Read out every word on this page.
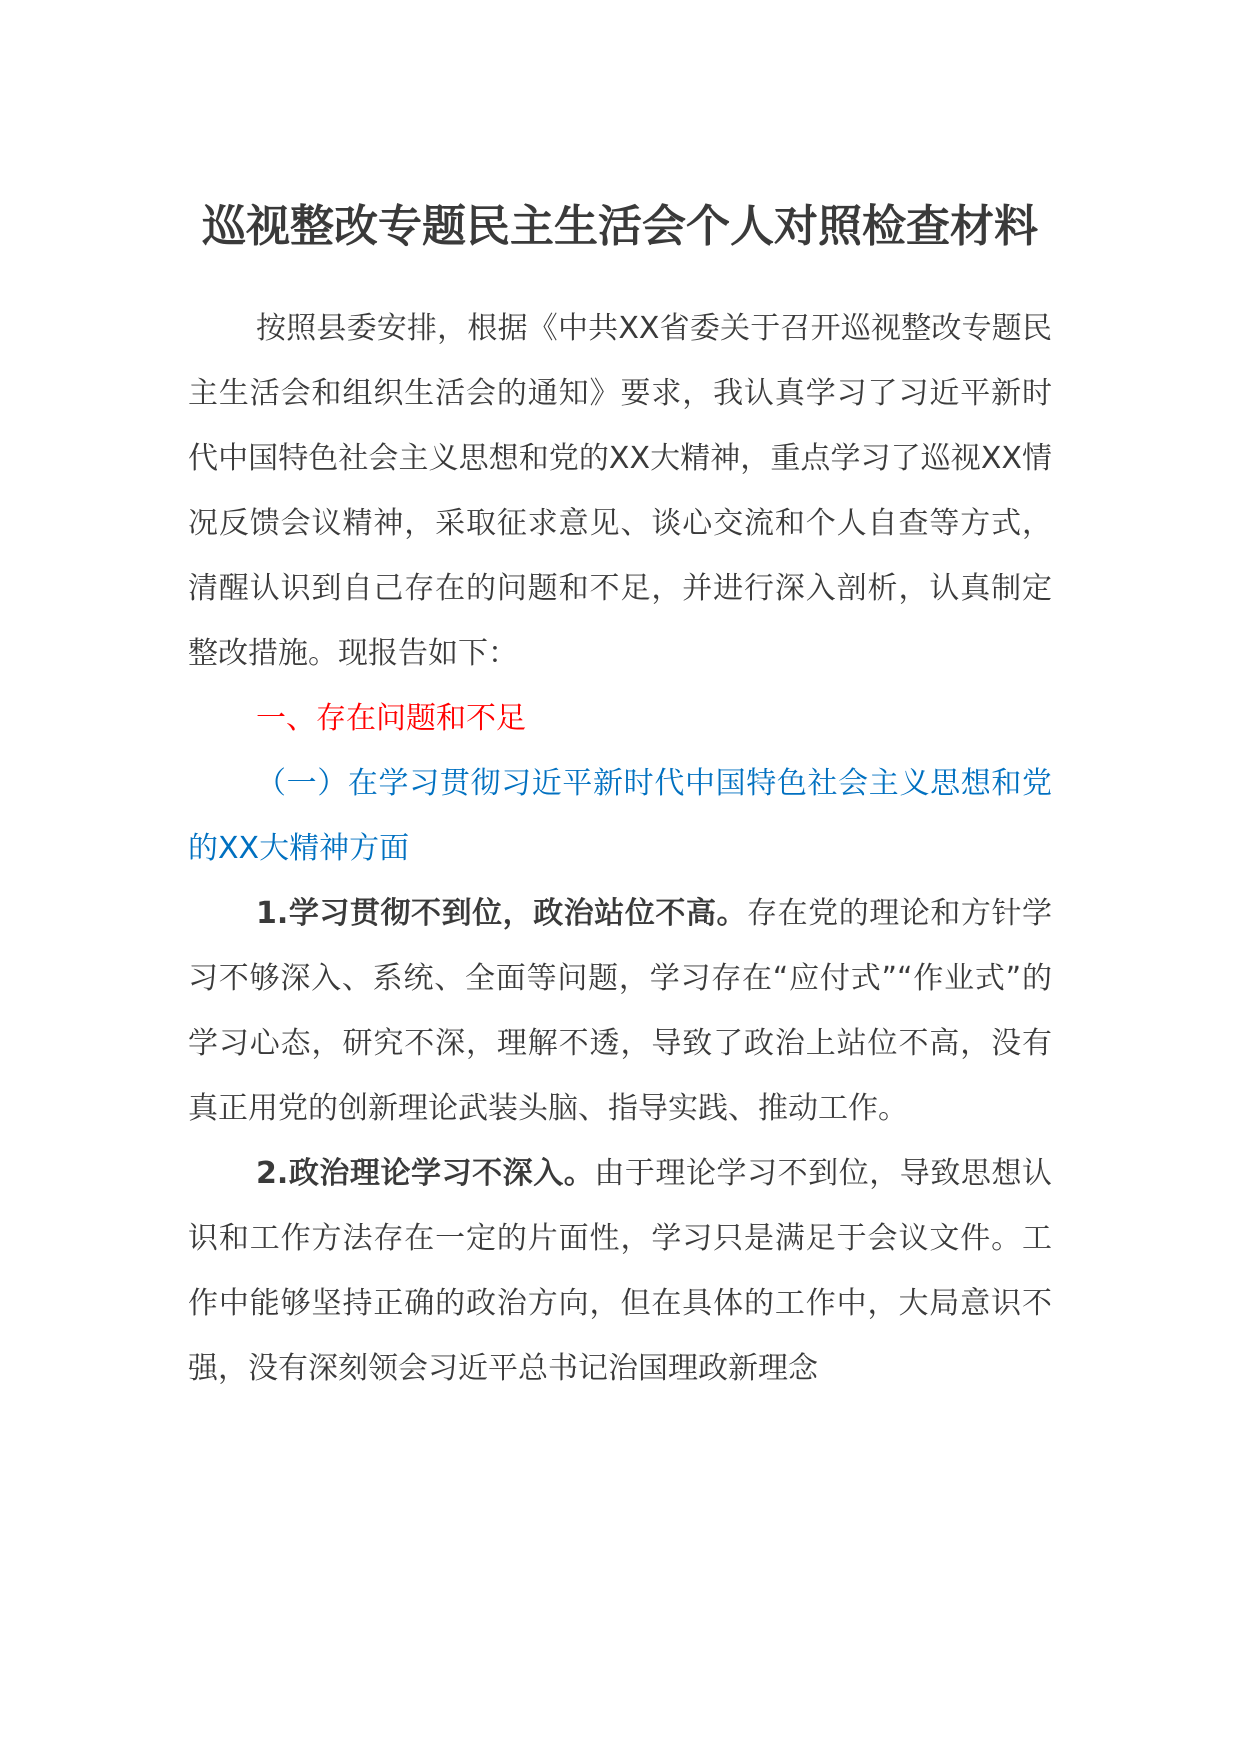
巡视整改专题民主生活会个人对照检查材料

按照县委安排，根据《中共XX省委关于召开巡视整改专题民主生活会和组织生活会的通知》要求，我认真学习了习近平新时代中国特色社会主义思想和党的XX大精神，重点学习了巡视XX情况反馈会议精神，采取征求意见、谈心交流和个人自查等方式，清醒认识到自己存在的问题和不足，并进行深入剖析，认真制定整改措施。现报告如下：

一、存在问题和不足

（一）在学习贯彻习近平新时代中国特色社会主义思想和党的XX大精神方面

1.学习贯彻不到位，政治站位不高。存在党的理论和方针学习不够深入、系统、全面等问题，学习存在“应付式”“作业式”的学习心态，研究不深，理解不透，导致了政治上站位不高，没有真正用党的创新理论武装头脑、指导实践、推动工作。

2.政治理论学习不深入。由于理论学习不到位，导致思想认识和工作方法存在一定的片面性，学习只是满足于会议文件。工作中能够坚持正确的政治方向，但在具体的工作中，大局意识不强，没有深刻领会习近平总书记治国理政新理念
